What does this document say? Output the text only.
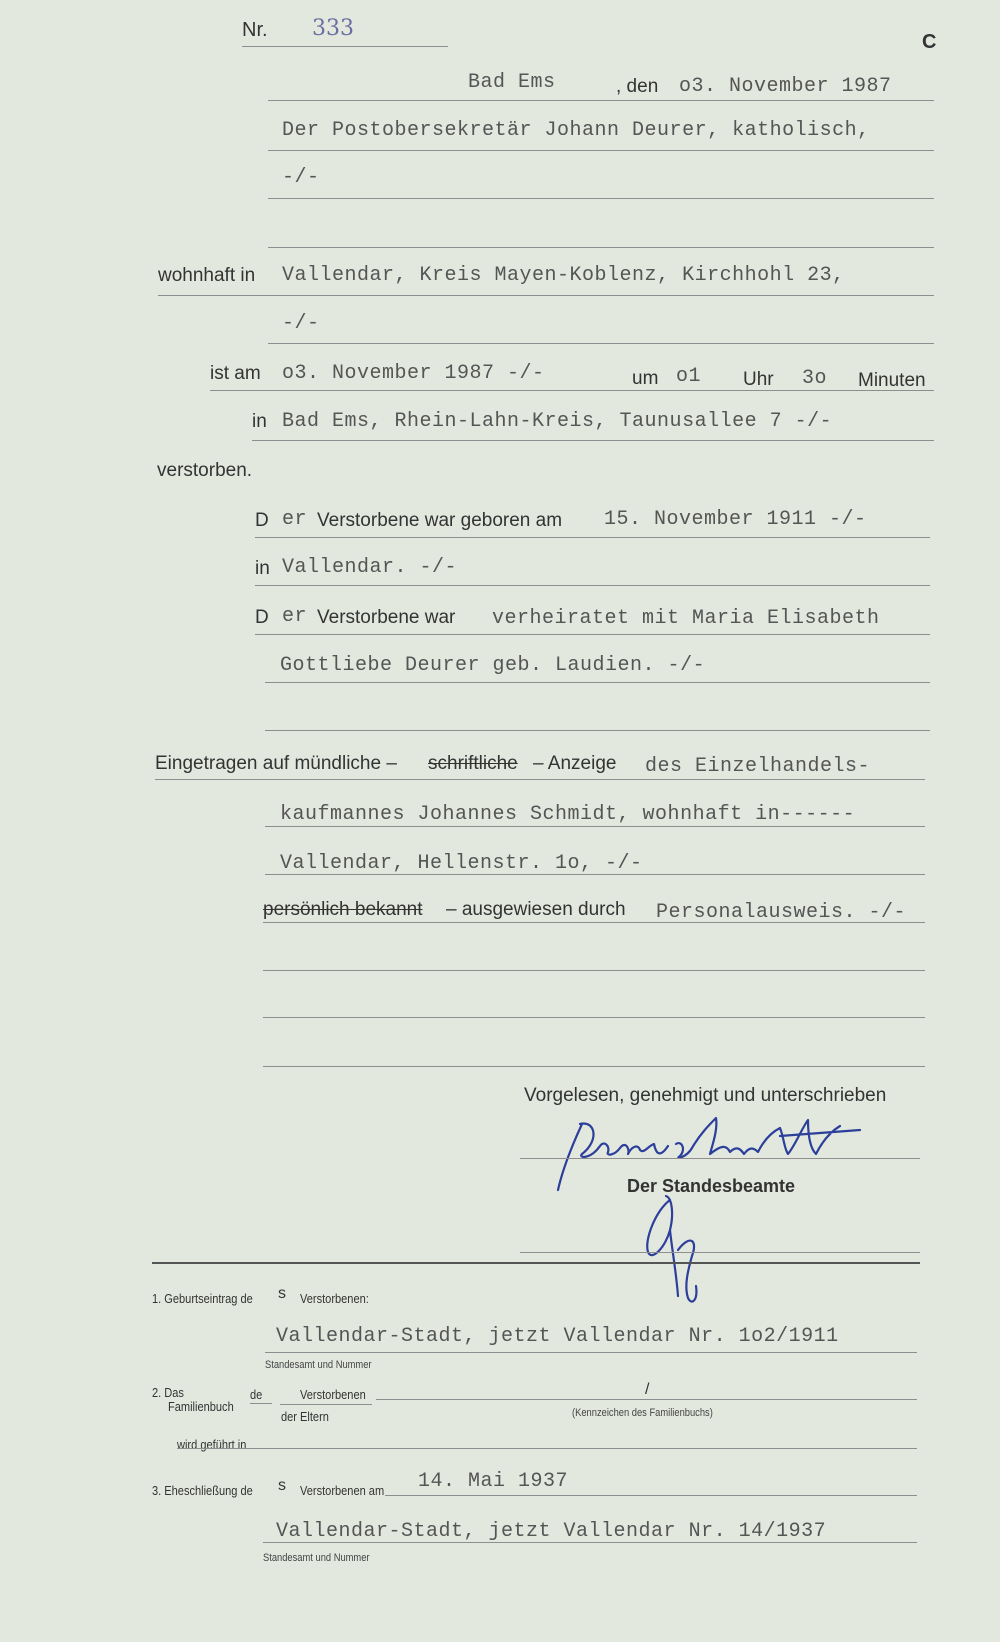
Nr. 333
C
Bad Ems	, den o3. November 1987
Der Postobersekretär Johann Deurer, katholisch,
-/-
wohnhaft in Vallendar, Kreis Mayen-Koblenz, Kirchhohl 23,
-/-
ist am o3. November 1987 -/-	um o1 Uhr 3o Minuten
in Bad Ems, Rhein-Lahn-Kreis, Taunusallee 7 -/-
verstorben.
D er Verstorbene war geboren am 15. November 1911 -/-
in Vallendar. -/-
D er Verstorbene war verheiratet mit Maria Elisabeth
Gottliebe Deurer geb. Laudien. -/-
Eingetragen auf mündliche – schriftliche – Anzeige des Einzelhandels-
kaufmannes Johannes Schmidt, wohnhaft in------
Vallendar, Hellenstr. 1o, -/-
persönlich bekannt – ausgewiesen durch Personalausweis. -/-
Vorgelesen, genehmigt und unterschrieben
Der Standesbeamte
1. Geburtseintrag de s Verstorbenen:
Vallendar-Stadt, jetzt Vallendar Nr. 1o2/1911
Standesamt und Nummer
2. Das
Familienbuch
de	Verstorbenen
der Eltern
/
(Kennzeichen des Familienbuchs)
wird geführt in
3. Eheschließung de s Verstorbenen am 14. Mai 1937
Vallendar-Stadt, jetzt Vallendar Nr. 14/1937
Standesamt und Nummer
